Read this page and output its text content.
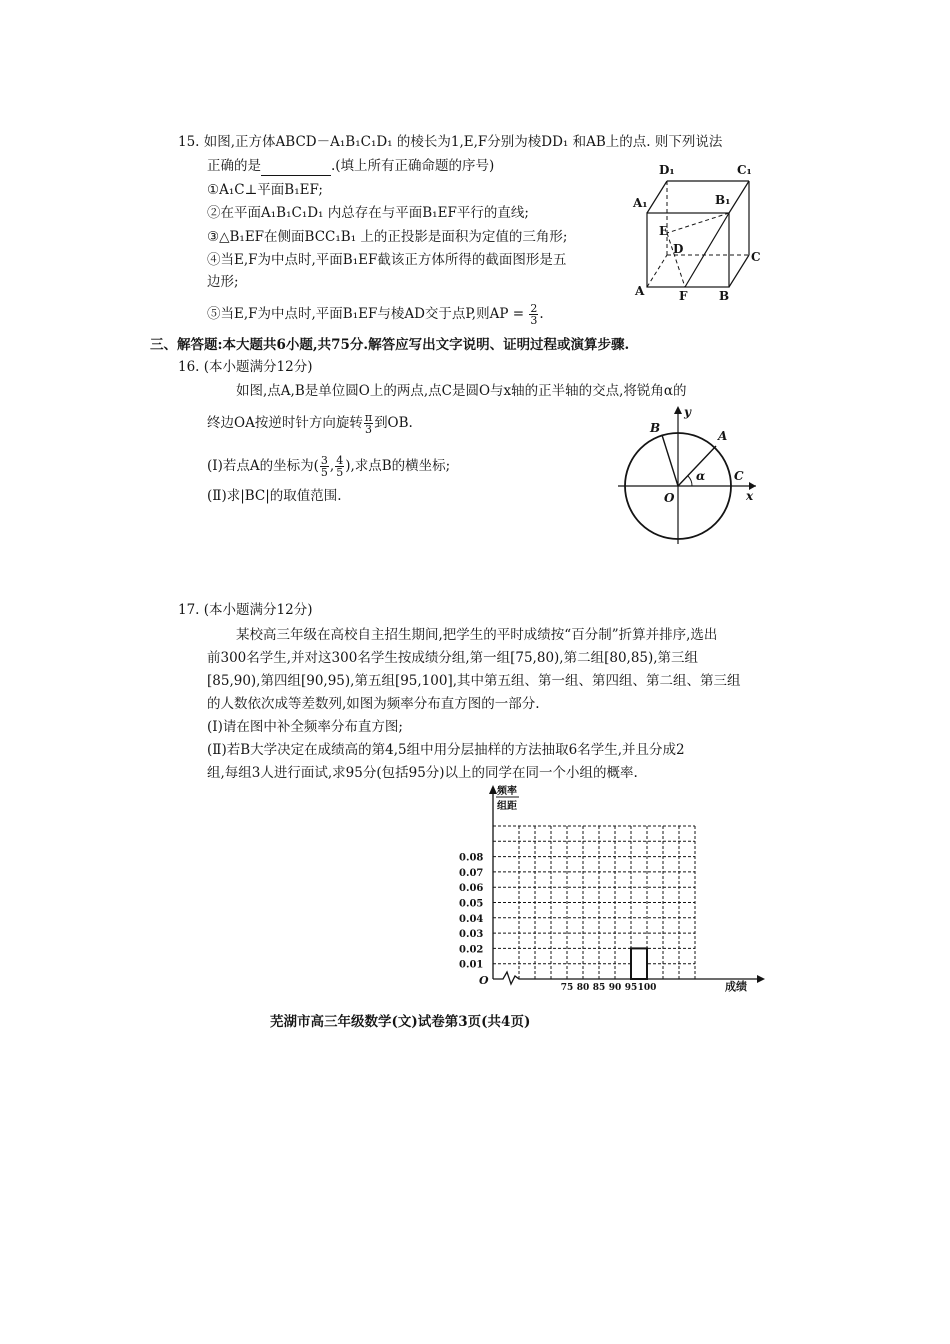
15. 如图,正方体ABCD－A₁B₁C₁D₁ 的棱长为1,E,F分别为棱DD₁ 和AB上的点. 则下列说法
正确的是	.(填上所有正确命题的序号)
①A₁C⊥平面B₁EF;
②在平面A₁B₁C₁D₁ 内总存在与平面B₁EF平行的直线;
③△B₁EF在侧面BCC₁B₁ 上的正投影是面积为定值的三角形;
④当E,F为中点时,平面B₁EF截该正方体所得的截面图形是五
边形;
⑤当E,F为中点时,平面B₁EF与棱AD交于点P,则AP = $\frac{2}{3}$ .
D₁	C₁
A₁	B₁
E
D
C
A	F	B
三、解答题:本大题共6小题,共75分.解答应写出文字说明、证明过程或演算步骤.
16. (本小题满分12分)
如图,点A,B是单位圆O上的两点,点C是圆O与x轴的正半轴的交点,将锐角α的
终边OA按逆时针方向旋转 $\frac{\pi}{3}$ 到OB.
(Ⅰ)若点A的坐标为( $\frac{3}{5}$ , $\frac{4}{5}$ ),求点B的横坐标;
(Ⅱ)求|BC|的取值范围.
y
B
A
α C
O	x
17. (本小题满分12分)
某校高三年级在高校自主招生期间,把学生的平时成绩按“百分制”折算并排序,选出
前300名学生,并对这300名学生按成绩分组,第一组[75,80),第二组[80,85),第三组
[85,90),第四组[90,95),第五组[95,100],其中第五组、第一组、第四组、第二组、第三组
的人数依次成等差数列,如图为频率分布直方图的一部分.
(Ⅰ)请在图中补全频率分布直方图;
(Ⅱ)若B大学决定在成绩高的第4,5组中用分层抽样的方法抽取6名学生,并且分成2
组,每组3人进行面试,求95分(包括95分)以上的同学在同一个小组的概率.
频率
组距
成绩
O
0.08
0.07
0.06
0.05
0.04
0.03
0.02
0.01
75 80 85 90 95 100
芜湖市高三年级数学(文)试卷第3页(共4页)
